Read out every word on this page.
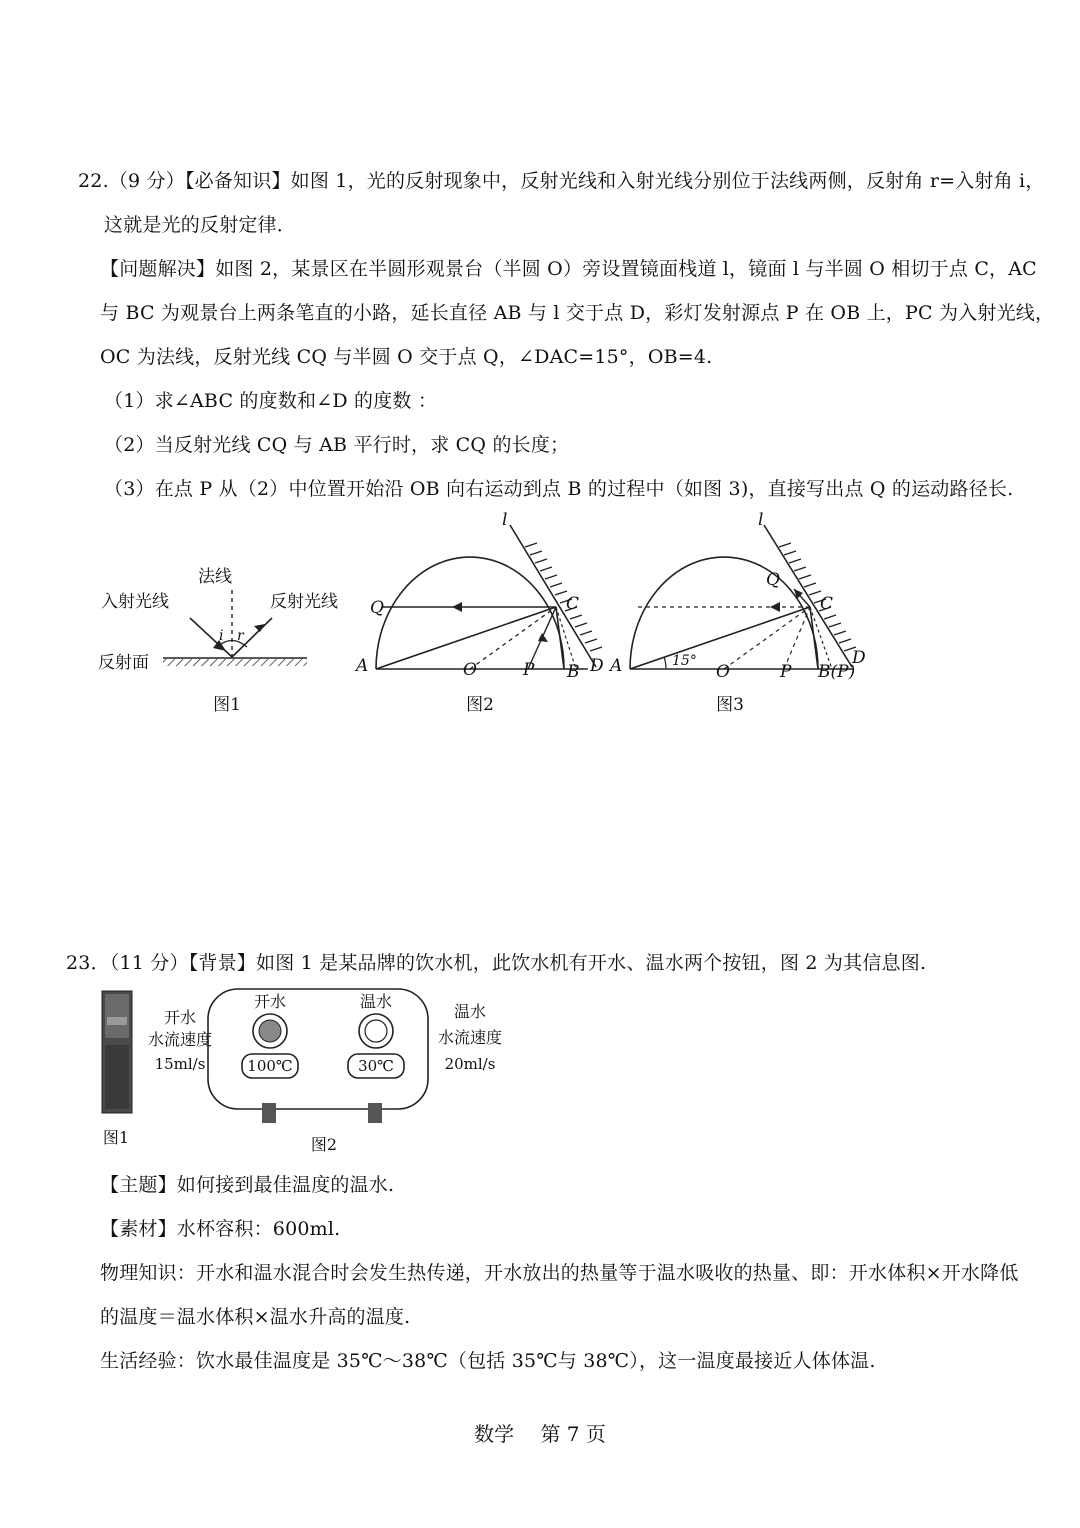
22.（9 分）【必备知识】如图 1，光的反射现象中，反射光线和入射光线分别位于法线两侧，反射角 r=入射角 i，
这就是光的反射定律．
【问题解决】如图 2，某景区在半圆形观景台（半圆 O）旁设置镜面栈道 l，镜面 l 与半圆 O 相切于点 C，AC
与 BC 为观景台上两条笔直的小路，延长直径 AB 与 l 交于点 D，彩灯发射源点 P 在 OB 上，PC 为入射光线，
OC 为法线，反射光线 CQ 与半圆 O 交于点 Q，∠DAC=15°，OB=4.
（1）求∠ABC 的度数和∠D 的度数 ：
（2）当反射光线 CQ 与 AB 平行时，求 CQ 的长度；
（3）在点 P 从（2）中位置开始沿 OB 向右运动到点 B 的过程中（如图 3)，直接写出点 Q 的运动路径长.
法线
入射光线	反射光线
反射面
i r
图1
l
Q	C
A	O	P B D
图2
15°
l
Q
C
A	O	P B(P)
D
图3
23．（11 分）【背景】如图 1 是某品牌的饮水机，此饮水机有开水、温水两个按钮，图 2 为其信息图.
图1
开水
水流速度
15ml/s
开水	温水
100℃	30℃
图2
温水
水流速度
20ml/s
【主题】如何接到最佳温度的温水.
【素材】水杯容积：600ml.
物理知识：开水和温水混合时会发生热传递，开水放出的热量等于温水吸收的热量、即：开水体积×开水降低
的温度＝温水体积×温水升高的温度.
生活经验：饮水最佳温度是 35℃～38℃（包括 35℃与 38℃），这一温度最接近人体体温.
数学　 第 7 页
